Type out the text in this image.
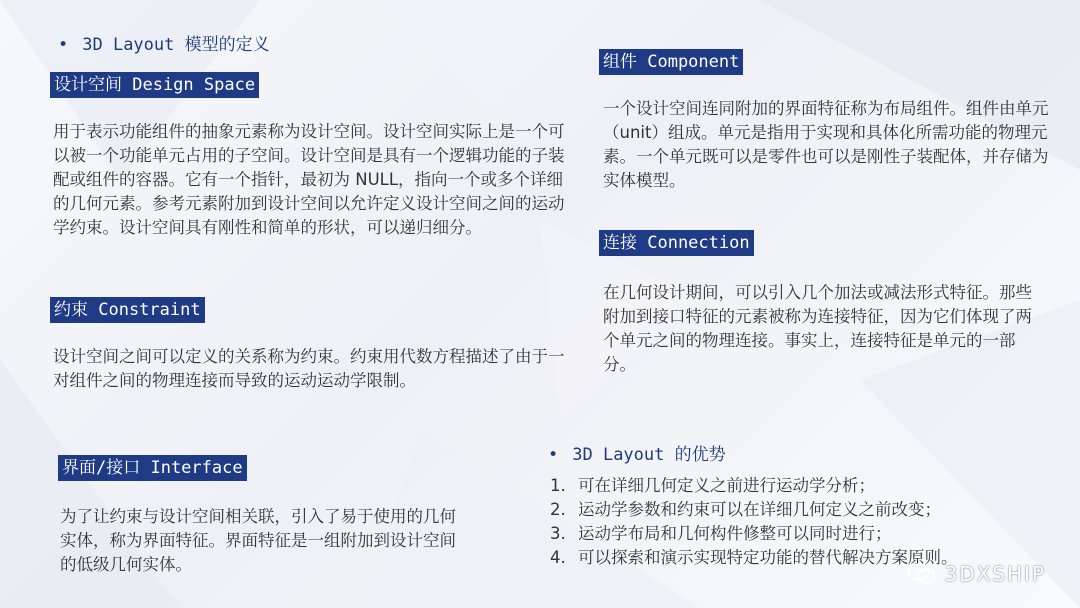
• 3D Layout 模型的定义
设计空间 Design Space
用于表示功能组件的抽象元素称为设计空间。设计空间实际上是一个可以被一个功能单元占用的子空间。设计空间是具有一个逻辑功能的子装配或组件的容器。它有一个指针，最初为 NULL，指向一个或多个详细的几何元素。参考元素附加到设计空间以允许定义设计空间之间的运动学约束。设计空间具有刚性和简单的形状，可以递归细分。
约束 Constraint
设计空间之间可以定义的关系称为约束。约束用代数方程描述了由于一对组件之间的物理连接而导致的运动运动学限制。
界面/接口 Interface
为了让约束与设计空间相关联，引入了易于使用的几何实体，称为界面特征。界面特征是一组附加到设计空间的低级几何实体。
组件 Component
一个设计空间连同附加的界面特征称为布局组件。组件由单元（unit）组成。单元是指用于实现和具体化所需功能的物理元素。一个单元既可以是零件也可以是刚性子装配体，并存储为实体模型。
连接 Connection
在几何设计期间，可以引入几个加法或减法形式特征。那些附加到接口特征的元素被称为连接特征，因为它们体现了两个单元之间的物理连接。事实上，连接特征是单元的一部分。
• 3D Layout 的优势
1. 可在详细几何定义之前进行运动学分析；
2. 运动学参数和约束可以在详细几何定义之前改变；
3. 运动学布局和几何构件修整可以同时进行；
4. 可以探索和演示实现特定功能的替代解决方案原则。
3DXSHIP
